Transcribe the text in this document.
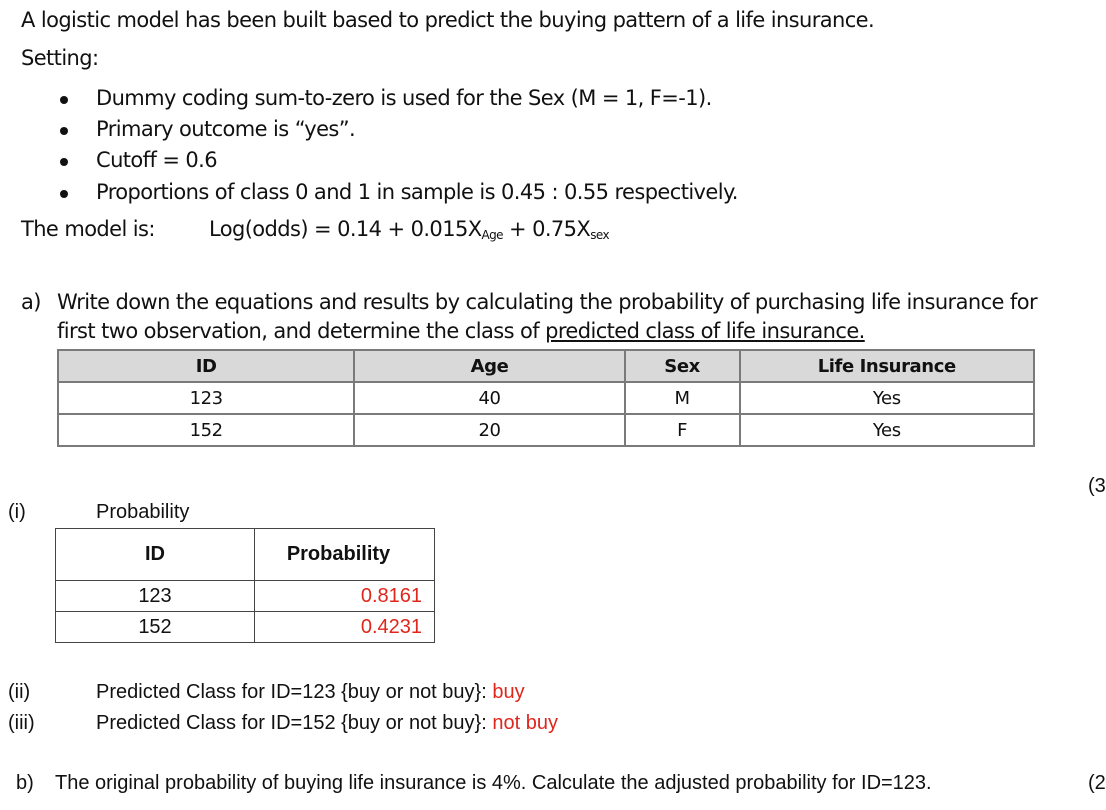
A logistic model has been built based to predict the buying pattern of a life insurance.
Setting:
Dummy coding sum-to-zero is used for the Sex (M = 1, F=-1).
Primary outcome is “yes”.
Cutoff = 0.6
Proportions of class 0 and 1 in sample is 0.45 : 0.55 respectively.
The model is:	Log(odds) = $0.14 + 0.015X_{Age} + 0.75X_{sex}$
a) Write down the equations and results by calculating the probability of purchasing life insurance for
first two observation, and determine the class of predicted class of life insurance.
ID	Age	Sex	Life Insurance
123	40	M	Yes
152	20	F	Yes
(3
(i)	Probability
ID	Probability
123	0.8161
152	0.4231
(ii)	Predicted Class for ID=123 {buy or not buy}: buy
(iii)	Predicted Class for ID=152 {buy or not buy}: not buy
b) The original probability of buying life insurance is 4%. Calculate the adjusted probability for ID=123.	(2
